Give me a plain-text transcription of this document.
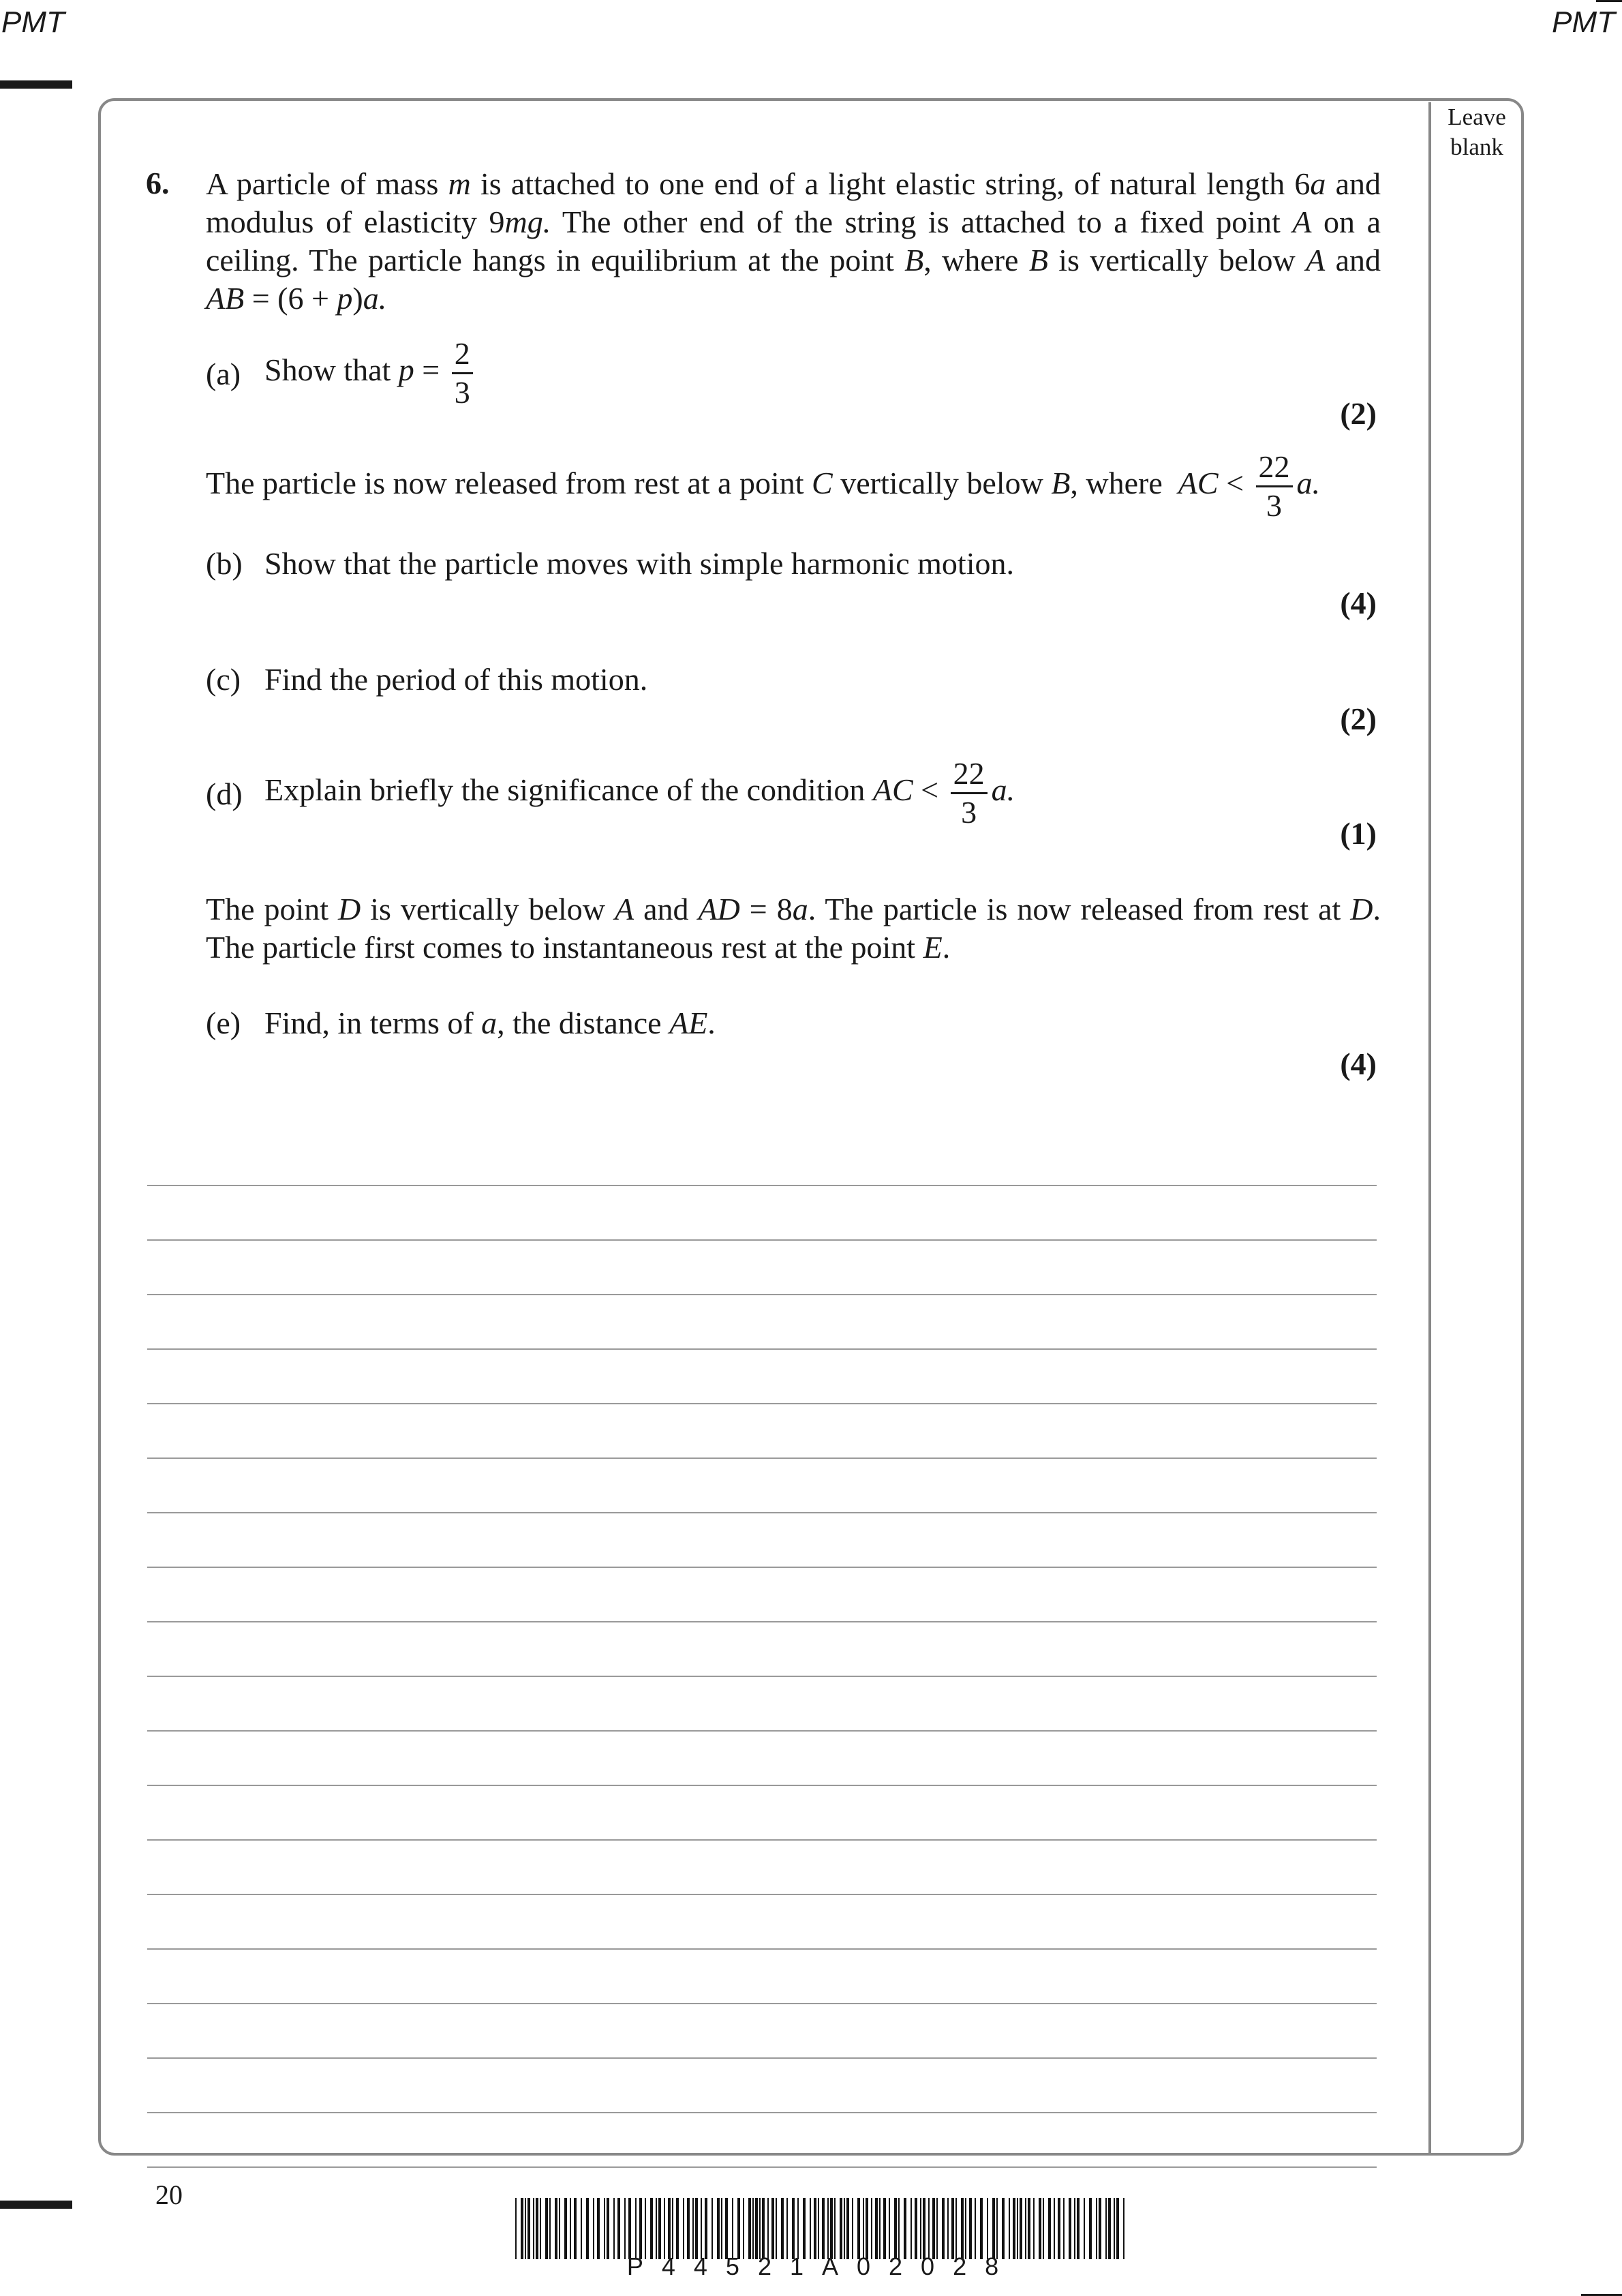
PMT	PMT
Leave
blank
6. A particle of mass m is attached to one end of a light elastic string, of natural length 6a and modulus of elasticity 9mg. The other end of the string is attached to a fixed point A on a ceiling. The particle hangs in equilibrium at the point B, where B is vertically below A and AB = (6 + p)a.
(a) Show that $p = \frac{2}{3}$
(2)
The particle is now released from rest at a point C vertically below B, where  AC < $\frac{22}{3} a$.
(b) Show that the particle moves with simple harmonic motion.
(4)
(c) Find the period of this motion.
(2)
(d) Explain briefly the significance of the condition AC < $\frac{22}{3} a$.
(1)
The point D is vertically below A and AD = 8a. The particle is now released from rest at D. The particle first comes to instantaneous rest at the point E.
(e) Find, in terms of a, the distance AE.
(4)
20
P44521A02028
